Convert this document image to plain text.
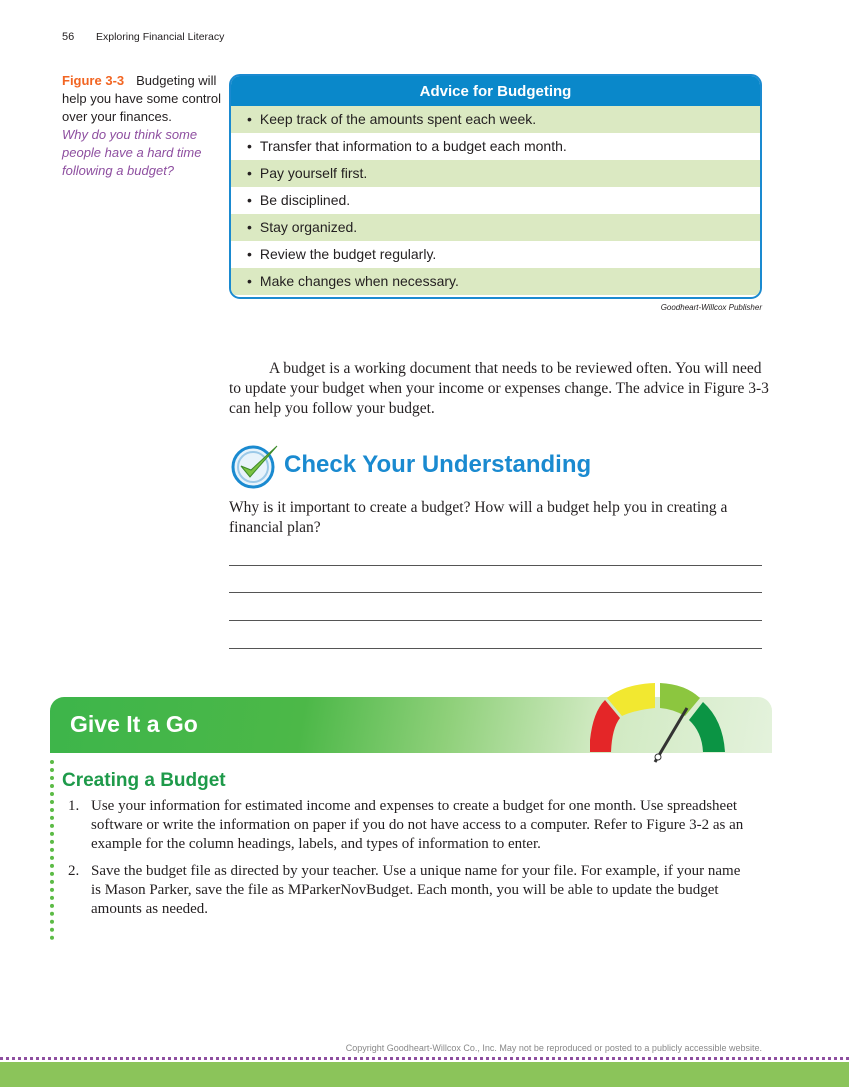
56 Exploring Financial Literacy
Figure 3-3 Budgeting will help you have some control over your finances.
Why do you think some people have a hard time following a budget?
Advice for Budgeting
• Keep track of the amounts spent each week.
• Transfer that information to a budget each month.
• Pay yourself first.
• Be disciplined.
• Stay organized.
• Review the budget regularly.
• Make changes when necessary.
Goodheart-Willcox Publisher

A budget is a working document that needs to be reviewed often. You will need to update your budget when your income or expenses change. The advice in Figure 3-3 can help you follow your budget.

Check Your Understanding

Why is it important to create a budget? How will a budget help you in creating a financial plan?

Give It a Go
Creating a Budget
1. Use your information for estimated income and expenses to create a budget for one month. Use spreadsheet software or write the information on paper if you do not have access to a computer. Refer to Figure 3-2 as an example for the column headings, labels, and types of information to enter.
2. Save the budget file as directed by your teacher. Use a unique name for your file. For example, if your name is Mason Parker, save the file as MParkerNovBudget. Each month, you will be able to update the budget amounts as needed.
Copyright Goodheart-Willcox Co., Inc. May not be reproduced or posted to a publicly accessible website.
